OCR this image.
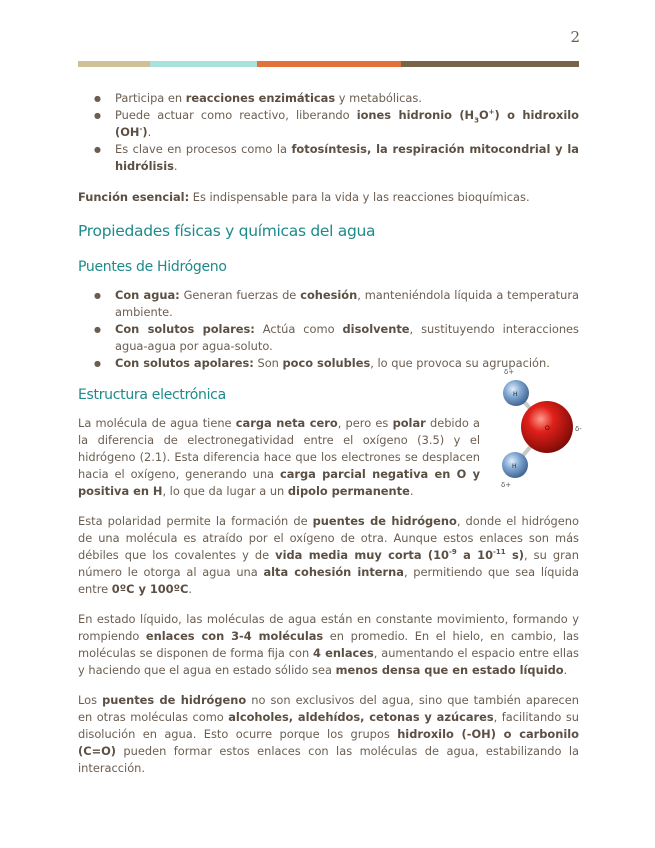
2
● Participa en reacciones enzimáticas y metabólicas.
● Puede actuar como reactivo, liberando iones hidronio $(H_3O^+)$ o hidroxilo (OH-).
● Es clave en procesos como la fotosíntesis, la respiración mitocondrial y la hidrólisis.

Función esencial: Es indispensable para la vida y las reacciones bioquímicas.

Propiedades físicas y químicas del agua
Puentes de Hidrógeno
● Con agua: Generan fuerzas de cohesión, manteniéndola líquida a temperatura ambiente.
● Con solutos polares: Actúa como disolvente, sustituyendo interacciones agua-agua por agua-soluto.
● Con solutos apolares: Son poco solubles, lo que provoca su agrupación.
Estructura electrónica

La molécula de agua tiene carga neta cero, pero es polar debido a la diferencia de electronegatividad entre el oxígeno (3.5) y el hidrógeno (2.1). Esta diferencia hace que los electrones se desplacen hacia el oxígeno, generando una carga parcial negativa en O y positiva en H, lo que da lugar a un dipolo permanente.

Esta polaridad permite la formación de puentes de hidrógeno, donde el hidrógeno de una molécula es atraído por el oxígeno de otra. Aunque estos enlaces son más débiles que los covalentes y de vida media muy corta ($10^{-9}$ a $10^{-11}$ s), su gran número le otorga al agua una alta cohesión interna, permitiendo que sea líquida entre 0ºC y 100ºC.

En estado líquido, las moléculas de agua están en constante movimiento, formando y rompiendo enlaces con 3-4 moléculas en promedio. En el hielo, en cambio, las moléculas se disponen de forma fija con 4 enlaces, aumentando el espacio entre ellas y haciendo que el agua en estado sólido sea menos densa que en estado líquido.

Los puentes de hidrógeno no son exclusivos del agua, sino que también aparecen en otras moléculas como alcoholes, aldehídos, cetonas y azúcares, facilitando su disolución en agua. Esto ocurre porque los grupos hidroxilo (-OH) o carbonilo (C=O) pueden formar estos enlaces con las moléculas de agua, estabilizando la interacción.

δ+
H
O	δ-
H
δ+
